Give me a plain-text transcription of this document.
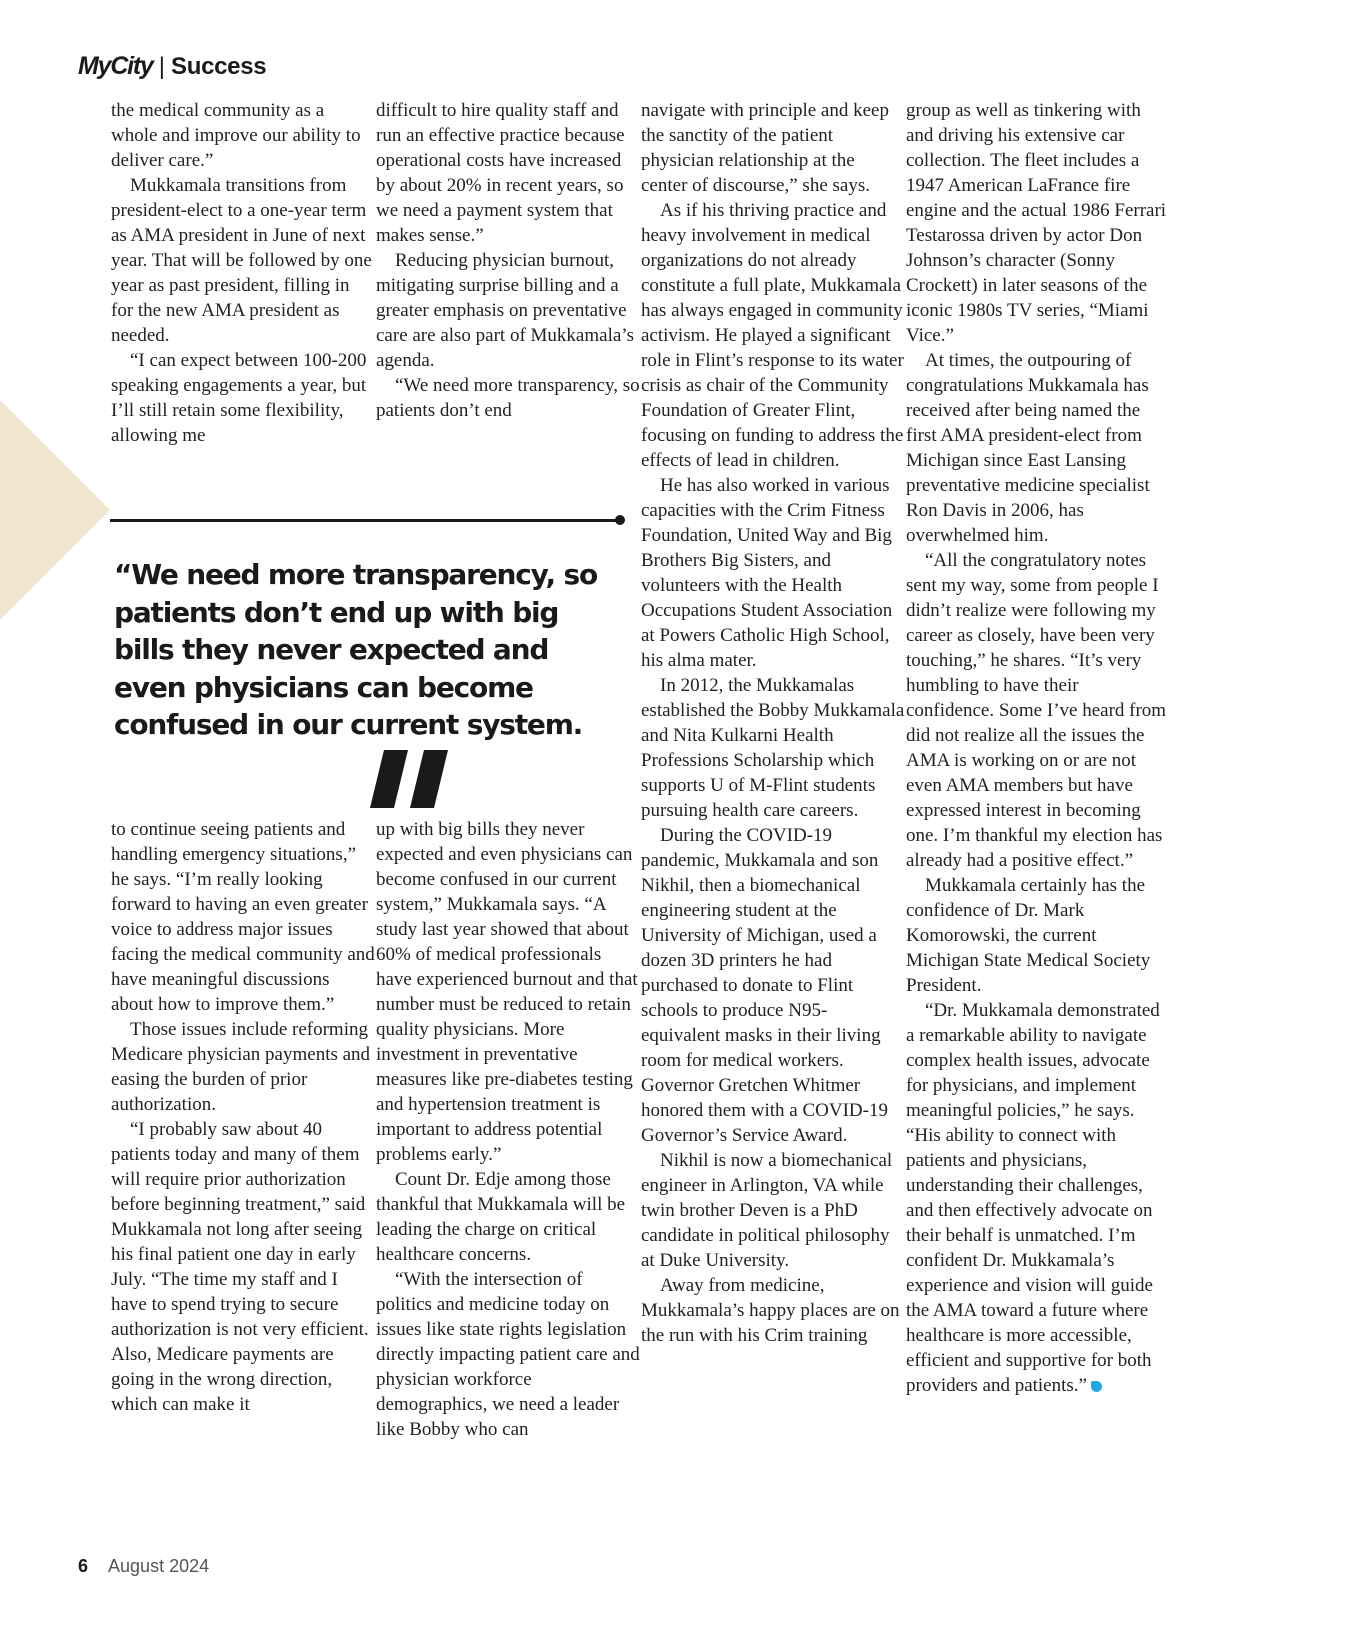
MyCity | Success

the medical community as a whole and improve our ability to deliver care.”

Mukkamala transitions from president-elect to a one-year term as AMA president in June of next year. That will be followed by one year as past president, filling in for the new AMA president as needed.

“I can expect between 100-200 speaking engagements a year, but I’ll still retain some flexibility, allowing me

difficult to hire quality staff and run an effective practice because operational costs have increased by about 20% in recent years, so we need a payment system that makes sense.”

Reducing physician burnout, mitigating surprise billing and a greater emphasis on preventative care are also part of Mukkamala’s agenda.

“We need more transparency, so patients don’t end

“We need more transparency, so patients don’t end up with big bills they never expected and even physicians can become confused in our current system.

to continue seeing patients and handling emergency situations,” he says. “I’m really looking forward to having an even greater voice to address major issues facing the medical community and have meaningful discussions about how to improve them.”

Those issues include reforming Medicare physician payments and easing the burden of prior authorization.

“I probably saw about 40 patients today and many of them will require prior authorization before beginning treatment,” said Mukkamala not long after seeing his final patient one day in early July. “The time my staff and I have to spend trying to secure authorization is not very efficient. Also, Medicare payments are going in the wrong direction, which can make it

up with big bills they never expected and even physicians can become confused in our current system,” Mukkamala says. “A study last year showed that about 60% of medical professionals have experienced burnout and that number must be reduced to retain quality physicians. More investment in preventative measures like pre-diabetes testing and hypertension treatment is important to address potential problems early.”

Count Dr. Edje among those thankful that Mukkamala will be leading the charge on critical healthcare concerns.

“With the intersection of politics and medicine today on issues like state rights legislation directly impacting patient care and physician workforce demographics, we need a leader like Bobby who can

navigate with principle and keep the sanctity of the patient physician relationship at the center of discourse,” she says.

As if his thriving practice and heavy involvement in medical organizations do not already constitute a full plate, Mukkamala has always engaged in community activism. He played a significant role in Flint’s response to its water crisis as chair of the Community Foundation of Greater Flint, focusing on funding to address the effects of lead in children.

He has also worked in various capacities with the Crim Fitness Foundation, United Way and Big Brothers Big Sisters, and volunteers with the Health Occupations Student Association at Powers Catholic High School, his alma mater.

In 2012, the Mukkamalas established the Bobby Mukkamala and Nita Kulkarni Health Professions Scholarship which supports U of M-Flint students pursuing health care careers.

During the COVID-19 pandemic, Mukkamala and son Nikhil, then a biomechanical engineering student at the University of Michigan, used a dozen 3D printers he had purchased to donate to Flint schools to produce N95-equivalent masks in their living room for medical workers. Governor Gretchen Whitmer honored them with a COVID-19 Governor’s Service Award.

Nikhil is now a biomechanical engineer in Arlington, VA while twin brother Deven is a PhD candidate in political philosophy at Duke University.

Away from medicine, Mukkamala’s happy places are on the run with his Crim training

group as well as tinkering with and driving his extensive car collection. The fleet includes a 1947 American LaFrance fire engine and the actual 1986 Ferrari Testarossa driven by actor Don Johnson’s character (Sonny Crockett) in later seasons of the iconic 1980s TV series, “Miami Vice.”

At times, the outpouring of congratulations Mukkamala has received after being named the first AMA president-elect from Michigan since East Lansing preventative medicine specialist Ron Davis in 2006, has overwhelmed him.

“All the congratulatory notes sent my way, some from people I didn’t realize were following my career as closely, have been very touching,” he shares. “It’s very humbling to have their confidence. Some I’ve heard from did not realize all the issues the AMA is working on or are not even AMA members but have expressed interest in becoming one. I’m thankful my election has already had a positive effect.”

Mukkamala certainly has the confidence of Dr. Mark Komorowski, the current Michigan State Medical Society President.

“Dr. Mukkamala demonstrated a remarkable ability to navigate complex health issues, advocate for physicians, and implement meaningful policies,” he says. “His ability to connect with patients and physicians, understanding their challenges, and then effectively advocate on their behalf is unmatched. I’m confident Dr. Mukkamala’s experience and vision will guide the AMA toward a future where healthcare is more accessible, efficient and supportive for both providers and patients.”

6 August 2024
